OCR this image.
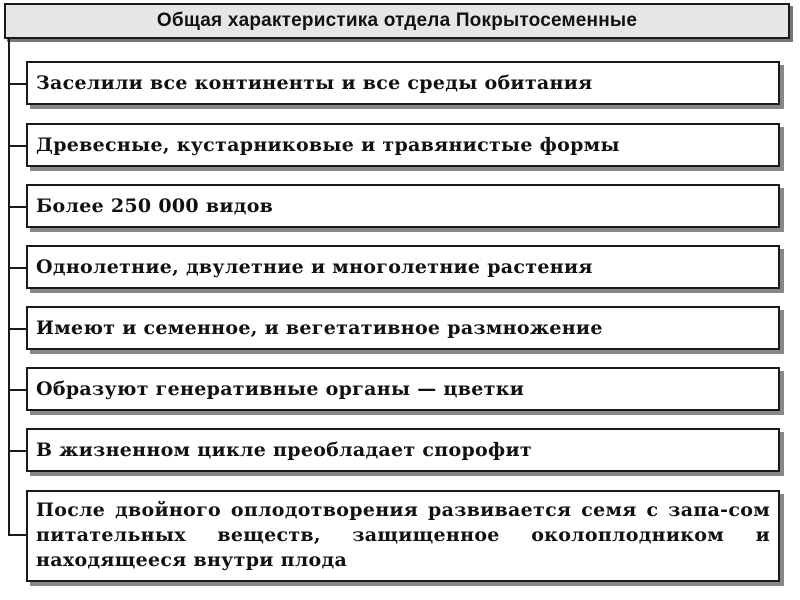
Общая характеристика отдела Покрытосеменные
Заселили все континенты и все среды обитания
Древесные, кустарниковые и травянистые формы
Более 250 000 видов
Однолетние, двулетние и многолетние растения
Имеют и семенное, и вегетативное размножение
Образуют генеративные органы — цветки
В жизненном цикле преобладает спорофит
После двойного оплодотворения развивается семя с запа-сом питательных веществ, защищенное околоплодником и находящееся внутри плода
